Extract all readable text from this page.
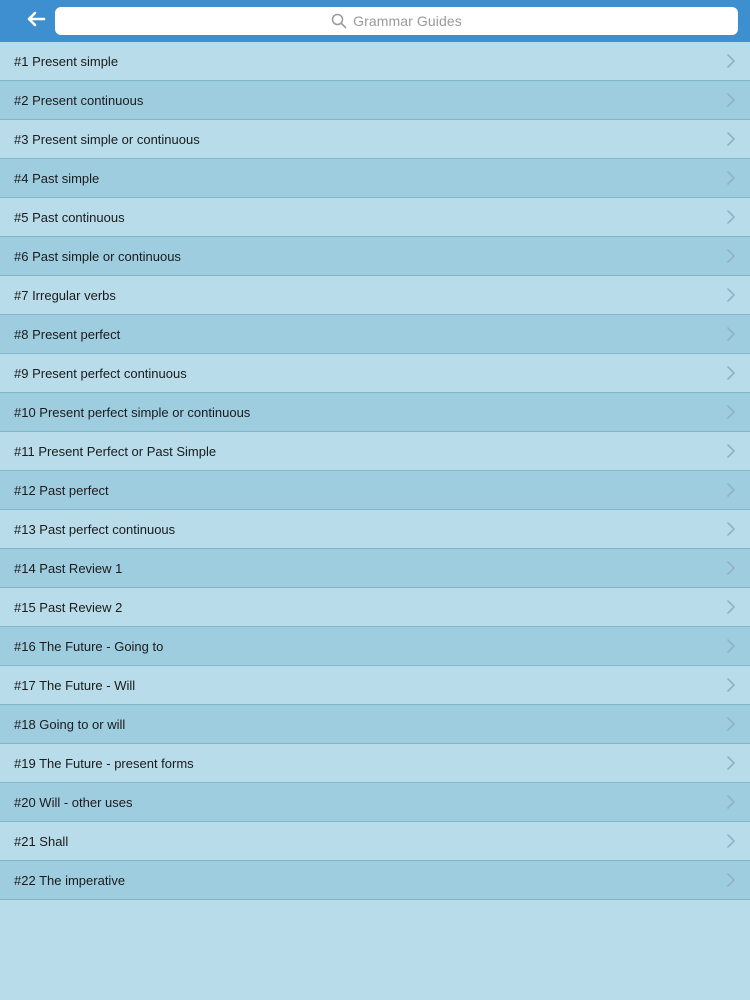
Grammar Guides
#1 Present simple
#2 Present continuous
#3 Present simple or continuous
#4 Past simple
#5 Past continuous
#6 Past simple or continuous
#7 Irregular verbs
#8 Present perfect
#9 Present perfect continuous
#10 Present perfect simple or continuous
#11 Present Perfect or Past Simple
#12 Past perfect
#13 Past perfect continuous
#14 Past Review 1
#15 Past Review 2
#16 The Future - Going to
#17 The Future - Will
#18 Going to or will
#19 The Future - present forms
#20 Will - other uses
#21 Shall
#22 The imperative
